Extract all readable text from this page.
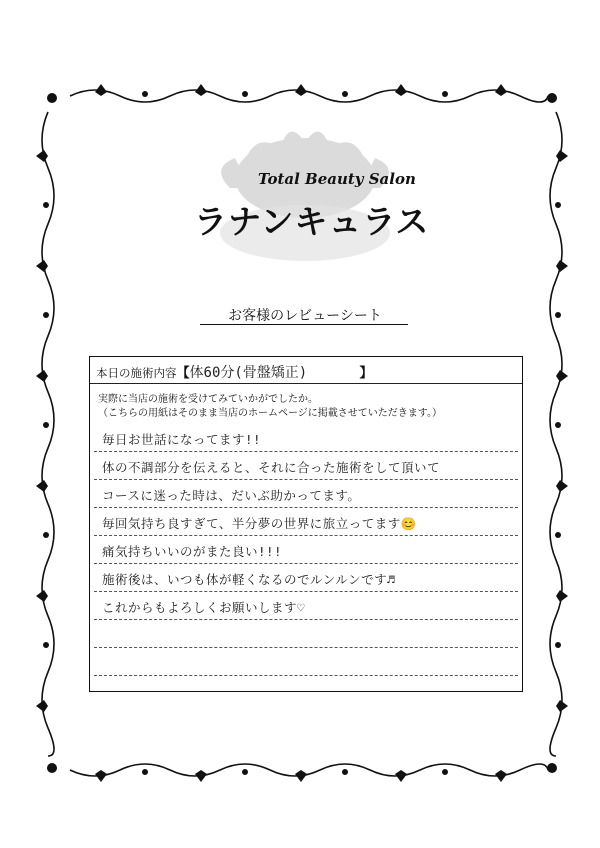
Total Beauty Salon
ラナンキュラス
お客様のレビューシート
本日の施術内容【体60分(骨盤矯正)	】
実際に当店の施術を受けてみていかがでしたか。
（こちらの用紙はそのまま当店のホームページに掲載させていただきます。）
毎日お世話になってます!!
体の不調部分を伝えると、それに合った施術をして頂いて
コースに迷った時は、だいぶ助かってます。
毎回気持ち良すぎて、半分夢の世界に旅立ってます😊
痛気持ちいいのがまた良い!!!
施術後は、いつも体が軽くなるのでルンルンです♬
これからもよろしくお願いします♡
